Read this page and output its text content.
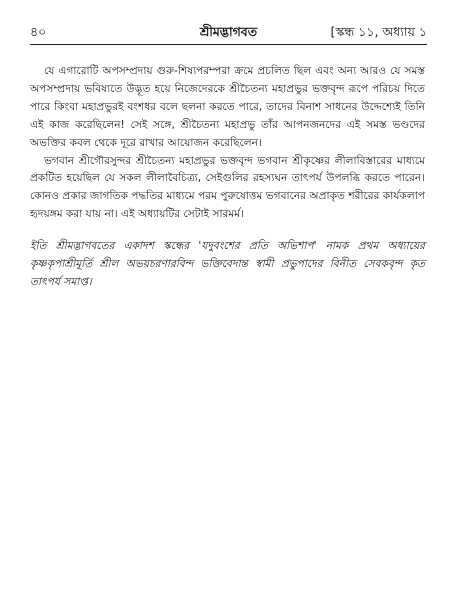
৪০	শ্রীমদ্ভাগবত	[স্কন্ধ ১১, অধ্যায় ১

যে এগারোটি অপসম্প্রদায় গুরু-শিষ্যপরম্পরা ক্রমে প্রচলিত ছিল এবং অন্য আরও যে সমস্ত অপসম্প্রদায় ভবিষ্যতে উদ্ভূত হয়ে নিজেদেরকে শ্রীচৈতন্য মহাপ্রভুর ভক্তবৃন্দ রূপে পরিচয় দিতে পারে কিংবা মহাপ্রভুরই বংশধর বলে ছলনা করতে পারে, তাদের বিনাশ সাধনের উদ্দেশ্যেই তিনি এই কাজ করেছিলেন! সেই সঙ্গে, শ্রীচৈতন্য মহাপ্রভু তাঁর আপনজনদের এই সমস্ত ভণ্ডদের অভক্তির কবল থেকে দূরে রাখার আয়োজন করেছিলেন।

ভগবান শ্রীগৌরসুন্দর শ্রীচৈতন্য মহাপ্রভুর ভক্তবৃন্দ ভগবান শ্রীকৃষ্ণের লীলাবিস্তারের মাধ্যমে প্রকটিত হয়েছিল যে সকল লীলাবৈচিত্র্য, সেইগুলির রহস্যঘন তাৎপর্য উপলব্ধি করতে পারেন। কোনও প্রকার জাগতিক পদ্ধতির মাধ্যমে পরম পুরুষোত্তম ভগবানের অপ্রাকৃত শরীরের কার্যকলাপ হৃদয়ঙ্গম করা যায় না। এই অধ্যায়টির সেটাই সারমর্ম।

ইতি শ্রীমদ্ভাগবতের একাদশ স্কন্ধের 'যদুবংশের প্রতি অভিশাপ' নামক প্রথম অধ্যায়ের কৃষ্ণকৃপাশ্রীমূর্তি শ্রীল অভয়চরণারবিন্দ ভক্তিবেদান্ত স্বামী প্রভুপাদের বিনীত সেবকবৃন্দ কৃত তাৎপর্য সমাপ্ত।
